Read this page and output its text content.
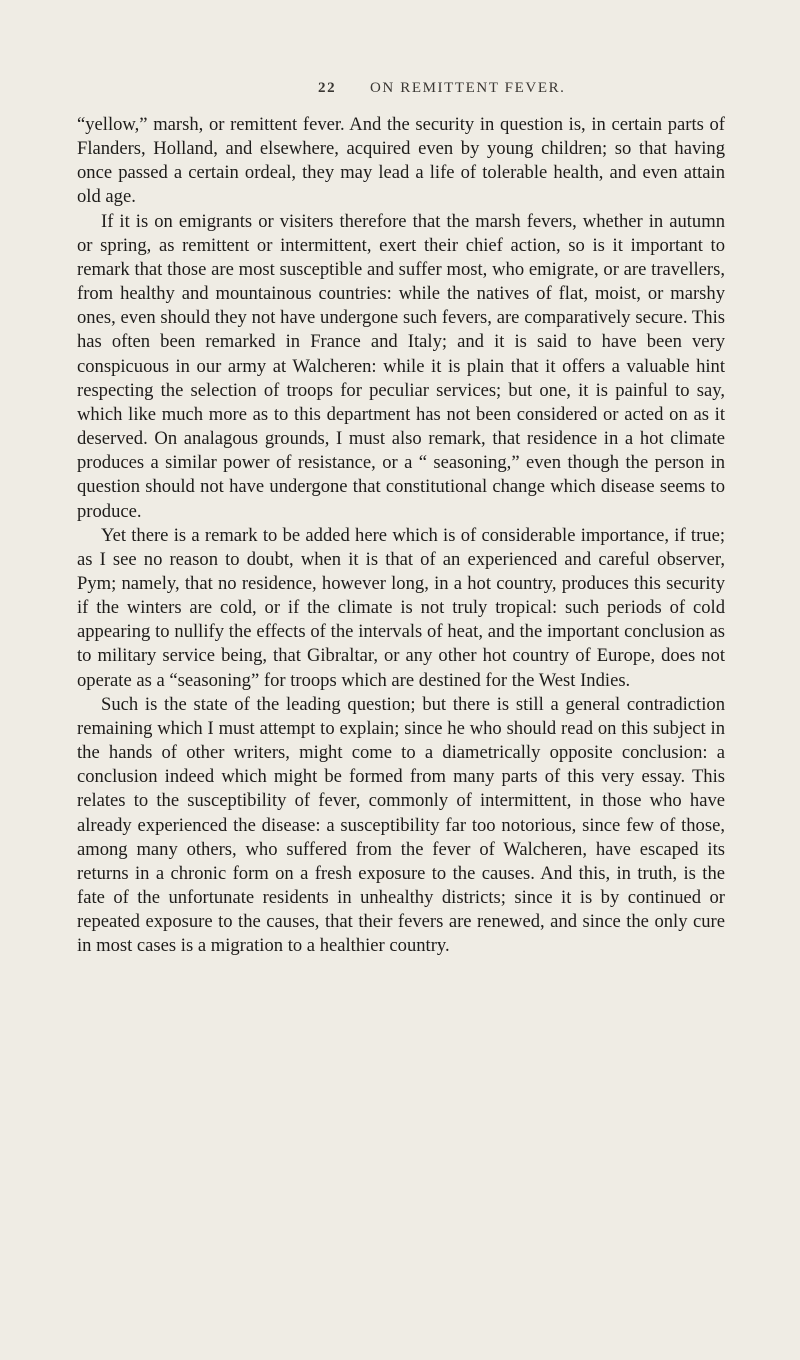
22 ON REMITTENT FEVER.

“yellow,” marsh, or remittent fever. And the security in question is, in certain parts of Flanders, Holland, and elsewhere, acquired even by young children; so that having once passed a certain ordeal, they may lead a life of tolerable health, and even attain old age.

If it is on emigrants or visiters therefore that the marsh fevers, whether in autumn or spring, as remittent or intermittent, exert their chief action, so is it important to remark that those are most susceptible and suffer most, who emigrate, or are travellers, from healthy and mountainous countries: while the natives of flat, moist, or marshy ones, even should they not have undergone such fevers, are comparatively secure. This has often been remarked in France and Italy; and it is said to have been very conspicuous in our army at Walcheren: while it is plain that it offers a valuable hint respecting the selection of troops for peculiar services; but one, it is painful to say, which like much more as to this department has not been considered or acted on as it deserved. On analagous grounds, I must also remark, that residence in a hot climate produces a similar power of resistance, or a “ seasoning,” even though the person in question should not have undergone that constitutional change which disease seems to produce.

Yet there is a remark to be added here which is of considerable importance, if true; as I see no reason to doubt, when it is that of an experienced and careful observer, Pym; namely, that no residence, however long, in a hot country, produces this security if the winters are cold, or if the climate is not truly tropical: such periods of cold appearing to nullify the effects of the intervals of heat, and the important conclusion as to military service being, that Gibraltar, or any other hot country of Europe, does not operate as a “seasoning” for troops which are destined for the West Indies.

Such is the state of the leading question; but there is still a general contradiction remaining which I must attempt to explain; since he who should read on this subject in the hands of other writers, might come to a diametrically opposite conclusion: a conclusion indeed which might be formed from many parts of this very essay. This relates to the susceptibility of fever, commonly of intermittent, in those who have already experienced the disease: a susceptibility far too notorious, since few of those, among many others, who suffered from the fever of Walcheren, have escaped its returns in a chronic form on a fresh exposure to the causes. And this, in truth, is the fate of the unfortunate residents in unhealthy districts; since it is by continued or repeated exposure to the causes, that their fevers are renewed, and since the only cure in most cases is a migration to a healthier country.
